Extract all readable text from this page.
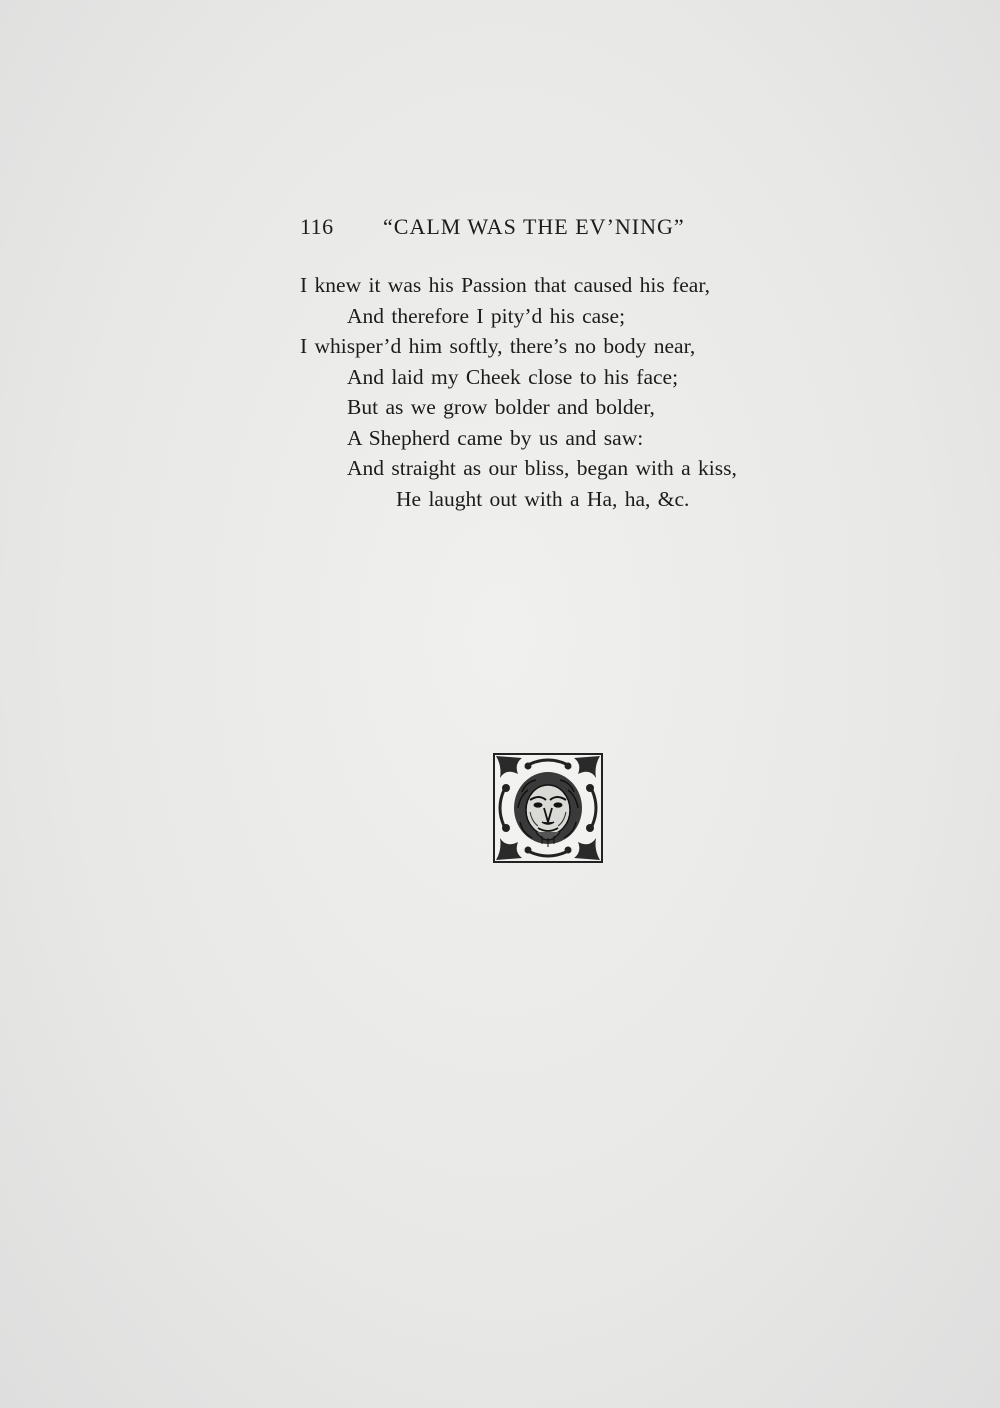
116 “CALM WAS THE EV’NING”
I knew it was his Passion that caused his fear,
And therefore I pity’d his case;
I whisper’d him softly, there’s no body near,
And laid my Cheek close to his face;
But as we grow bolder and bolder,
A Shepherd came by us and saw:
And straight as our bliss, began with a kiss,
He laught out with a Ha, ha, &c.
